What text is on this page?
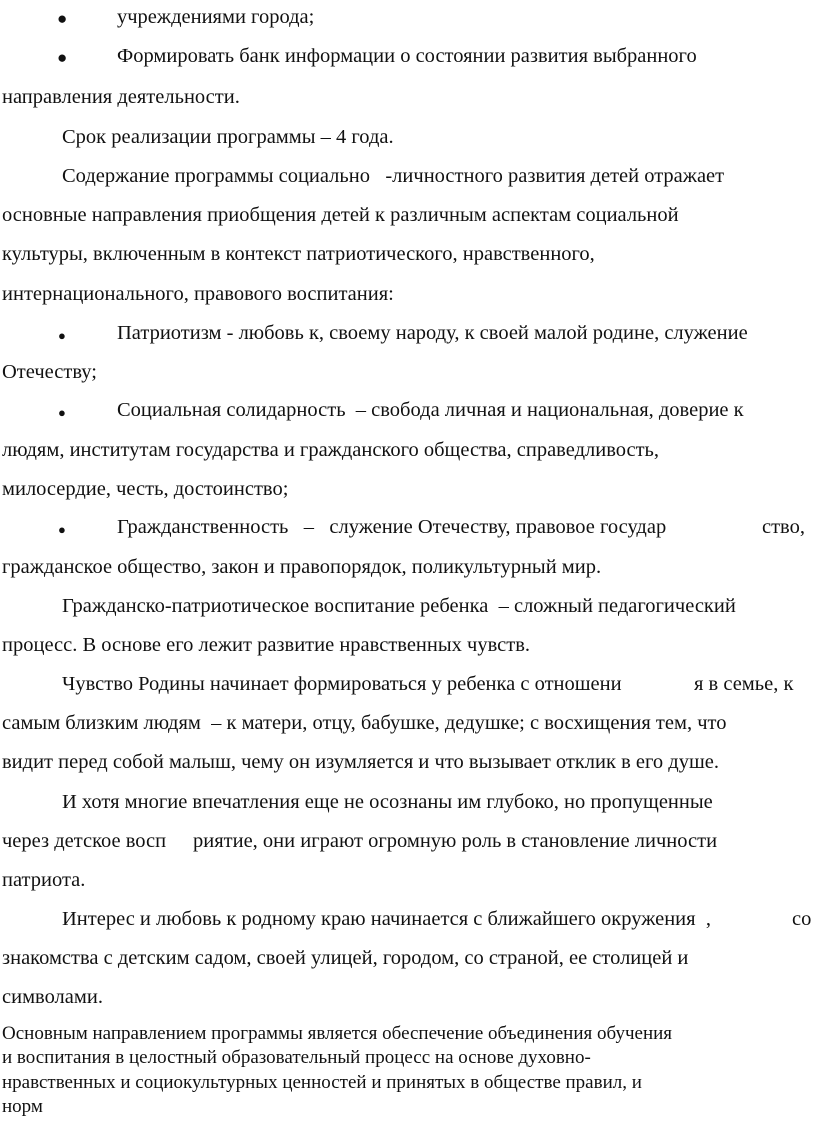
● учреждениями города;
● Формировать банк информации о состоянии развития выбранного
направления деятельности.
Срок реализации программы – 4 года.
Содержание программы социально   -личностного развития детей отражает
основные направления приобщения детей к различным аспектам социальной
культуры, включенным в контекст патриотического, нравственного,
интернационального, правового воспитания:
● Патриотизм - любовь к, своему народу, к своей малой родине, служение
Отечеству;
● Социальная солидарность  – свобода личная и национальная, доверие к
людям, институтам государства и гражданского общества, справедливость,
милосердие, честь, достоинство;
● Гражданственность   –   служение Отечеству, правовое государ	ство,
гражданское общество, закон и правопорядок, поликультурный мир.
Гражданско-патриотическое воспитание ребенка  – сложный педагогический
процесс. В основе его лежит развитие нравственных чувств.
Чувство Родины начинает формироваться у ребенка с отношени	я в семье, к
самым близким людям  – к матери, отцу, бабушке, дедушке; с восхищения тем, что
видит перед собой малыш, чему он изумляется и что вызывает отклик в его душе.
И хотя многие впечатления еще не осознаны им глубоко, но пропущенные
через детское восп риятие, они играют огромную роль в становление личности
патриота.
Интерес и любовь к родному краю начинается с ближайшего окружения  ,	со
знакомства с детским садом, своей улицей, городом, со страной, ее столицей и
символами.
Основным направлением программы является обеспечение объединения обучения
и воспитания в целостный образовательный процесс на основе духовно-
нравственных и социокультурных ценностей и принятых в обществе правил, и
норм
